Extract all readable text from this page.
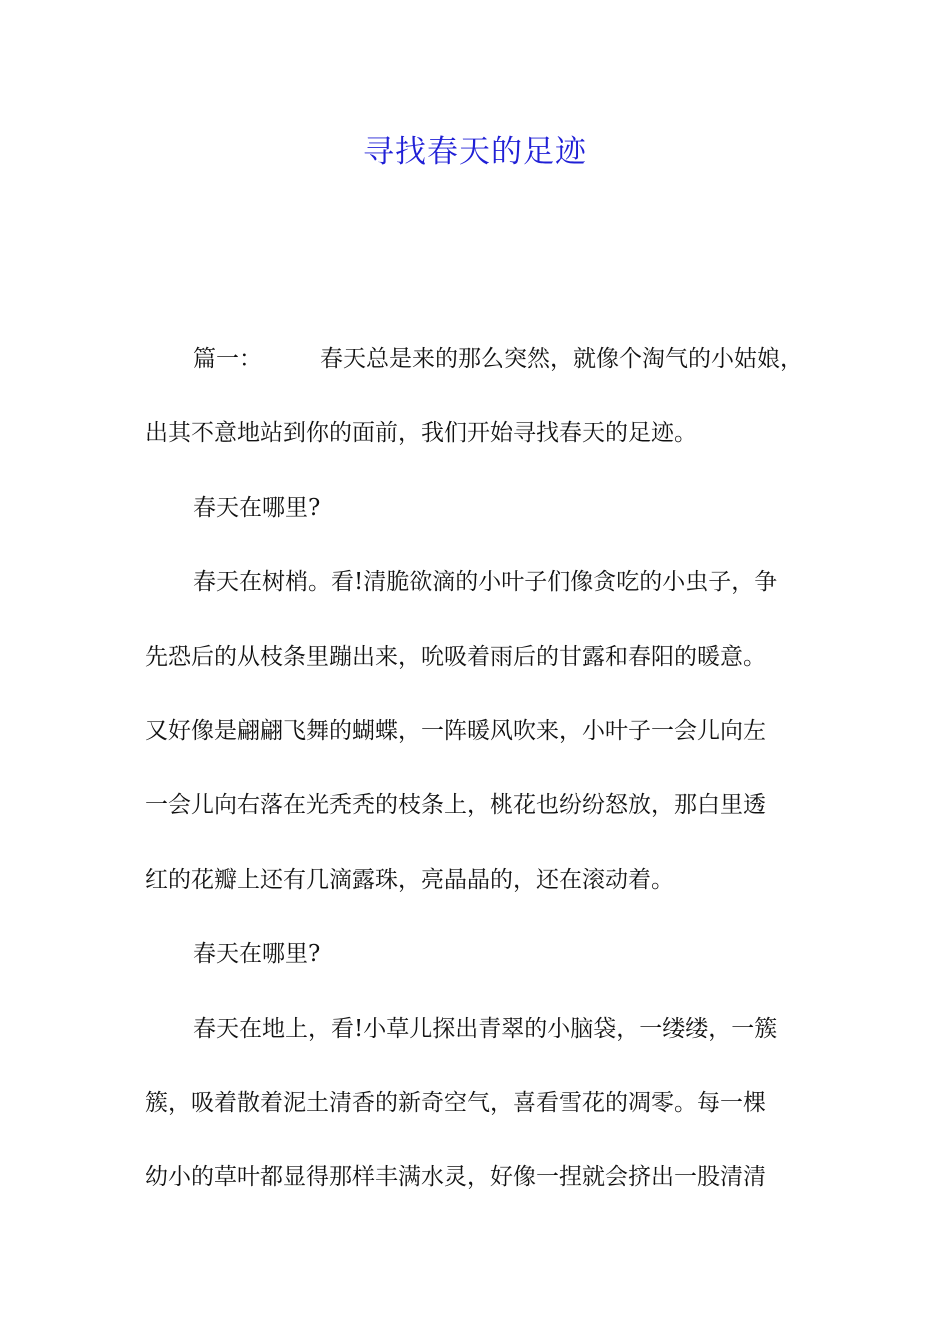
寻找春天的足迹
篇一：	春天总是来的那么突然，就像个淘气的小姑娘，
出其不意地站到你的面前，我们开始寻找春天的足迹。
春天在哪里?
春天在树梢。看!清脆欲滴的小叶子们像贪吃的小虫子，争
先恐后的从枝条里蹦出来，吮吸着雨后的甘露和春阳的暖意。
又好像是翩翩飞舞的蝴蝶，一阵暖风吹来，小叶子一会儿向左
一会儿向右落在光秃秃的枝条上，桃花也纷纷怒放，那白里透
红的花瓣上还有几滴露珠，亮晶晶的，还在滚动着。
春天在哪里?
春天在地上，看!小草儿探出青翠的小脑袋，一缕缕，一簇
簇，吸着散着泥土清香的新奇空气，喜看雪花的凋零。每一棵
幼小的草叶都显得那样丰满水灵，好像一捏就会挤出一股清清
